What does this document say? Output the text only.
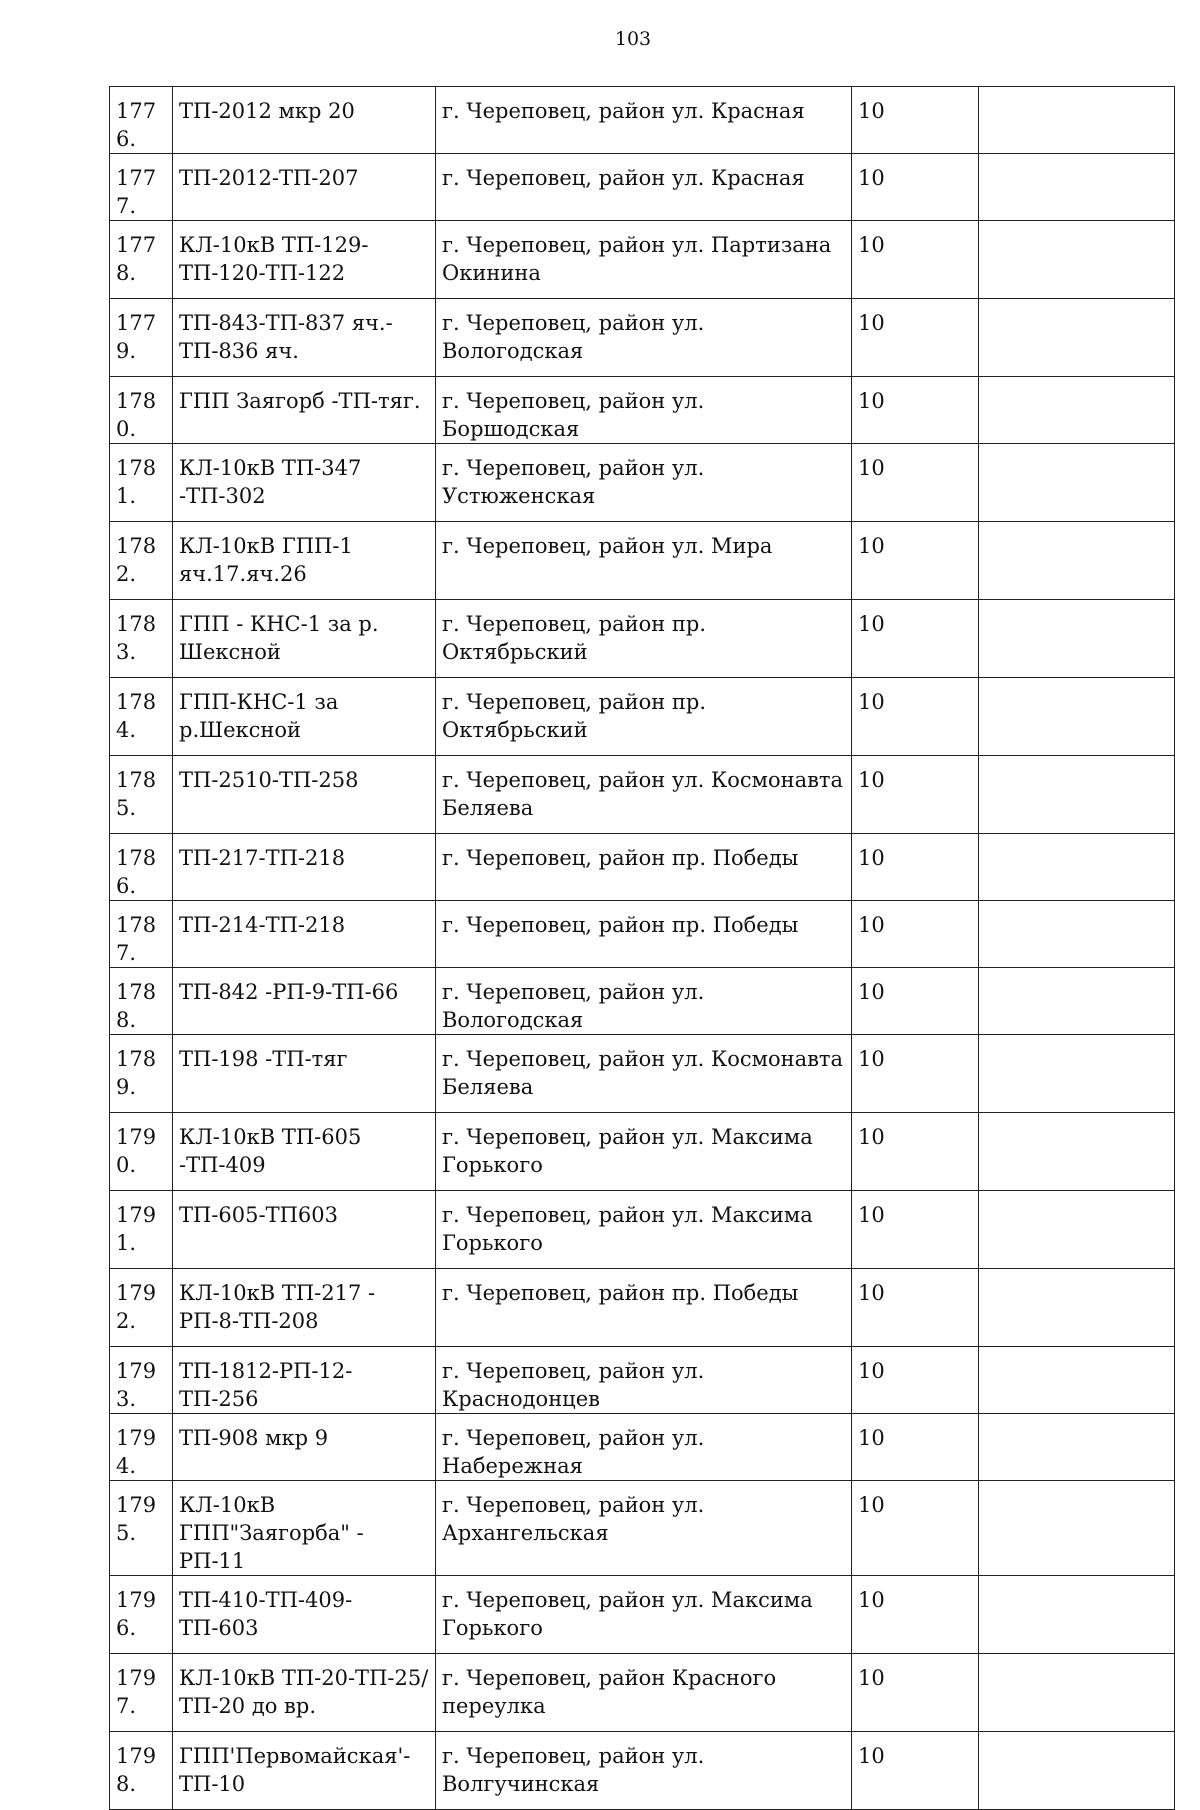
103
1776.	ТП-2012 мкр 20	г. Череповец, район ул. Красная	10	
1777.	ТП-2012-ТП-207	г. Череповец, район ул. Красная	10	
1778.	КЛ-10кВ ТП-129-ТП-120-ТП-122	г. Череповец, район ул. Партизана Окинина	10	
1779.	ТП-843-ТП-837 яч.-ТП-836 яч.	г. Череповец, район ул. Вологодская	10	
1780.	ГПП Заягорб -ТП-тяг.	г. Череповец, район ул. Боршодская	10	
1781.	КЛ-10кВ ТП-347 -ТП-302	г. Череповец, район ул. Устюженская	10	
1782.	КЛ-10кВ ГПП-1 яч.17.яч.26	г. Череповец, район ул. Мира	10	
1783.	ГПП - КНС-1 за р. Шексной	г. Череповец, район пр. Октябрьский	10	
1784.	ГПП-КНС-1 за р.Шексной	г. Череповец, район пр. Октябрьский	10	
1785.	ТП-2510-ТП-258	г. Череповец, район ул. Космонавта Беляева	10	
1786.	ТП-217-ТП-218	г. Череповец, район пр. Победы	10	
1787.	ТП-214-ТП-218	г. Череповец, район пр. Победы	10	
1788.	ТП-842 -РП-9-ТП-66	г. Череповец, район ул. Вологодская	10	
1789.	ТП-198 -ТП-тяг	г. Череповец, район ул. Космонавта Беляева	10	
1790.	КЛ-10кВ ТП-605 -ТП-409	г. Череповец, район ул. Максима Горького	10	
1791.	ТП-605-ТП603	г. Череповец, район ул. Максима Горького	10	
1792.	КЛ-10кВ ТП-217 - РП-8-ТП-208	г. Череповец, район пр. Победы	10	
1793.	ТП-1812-РП-12-ТП-256	г. Череповец, район ул. Краснодонцев	10	
1794.	ТП-908 мкр 9	г. Череповец, район ул. Набережная	10	
1795.	КЛ-10кВ ГПП"Заягорба" - РП-11	г. Череповец, район ул. Архангельская	10	
1796.	ТП-410-ТП-409-ТП-603	г. Череповец, район ул. Максима Горького	10	
1797.	КЛ-10кВ ТП-20-ТП-25/ТП-20 до вр.	г. Череповец, район Красного переулка	10	
1798.	ГПП'Первомайская'-ТП-10	г. Череповец, район ул. Волгучинская	10	
